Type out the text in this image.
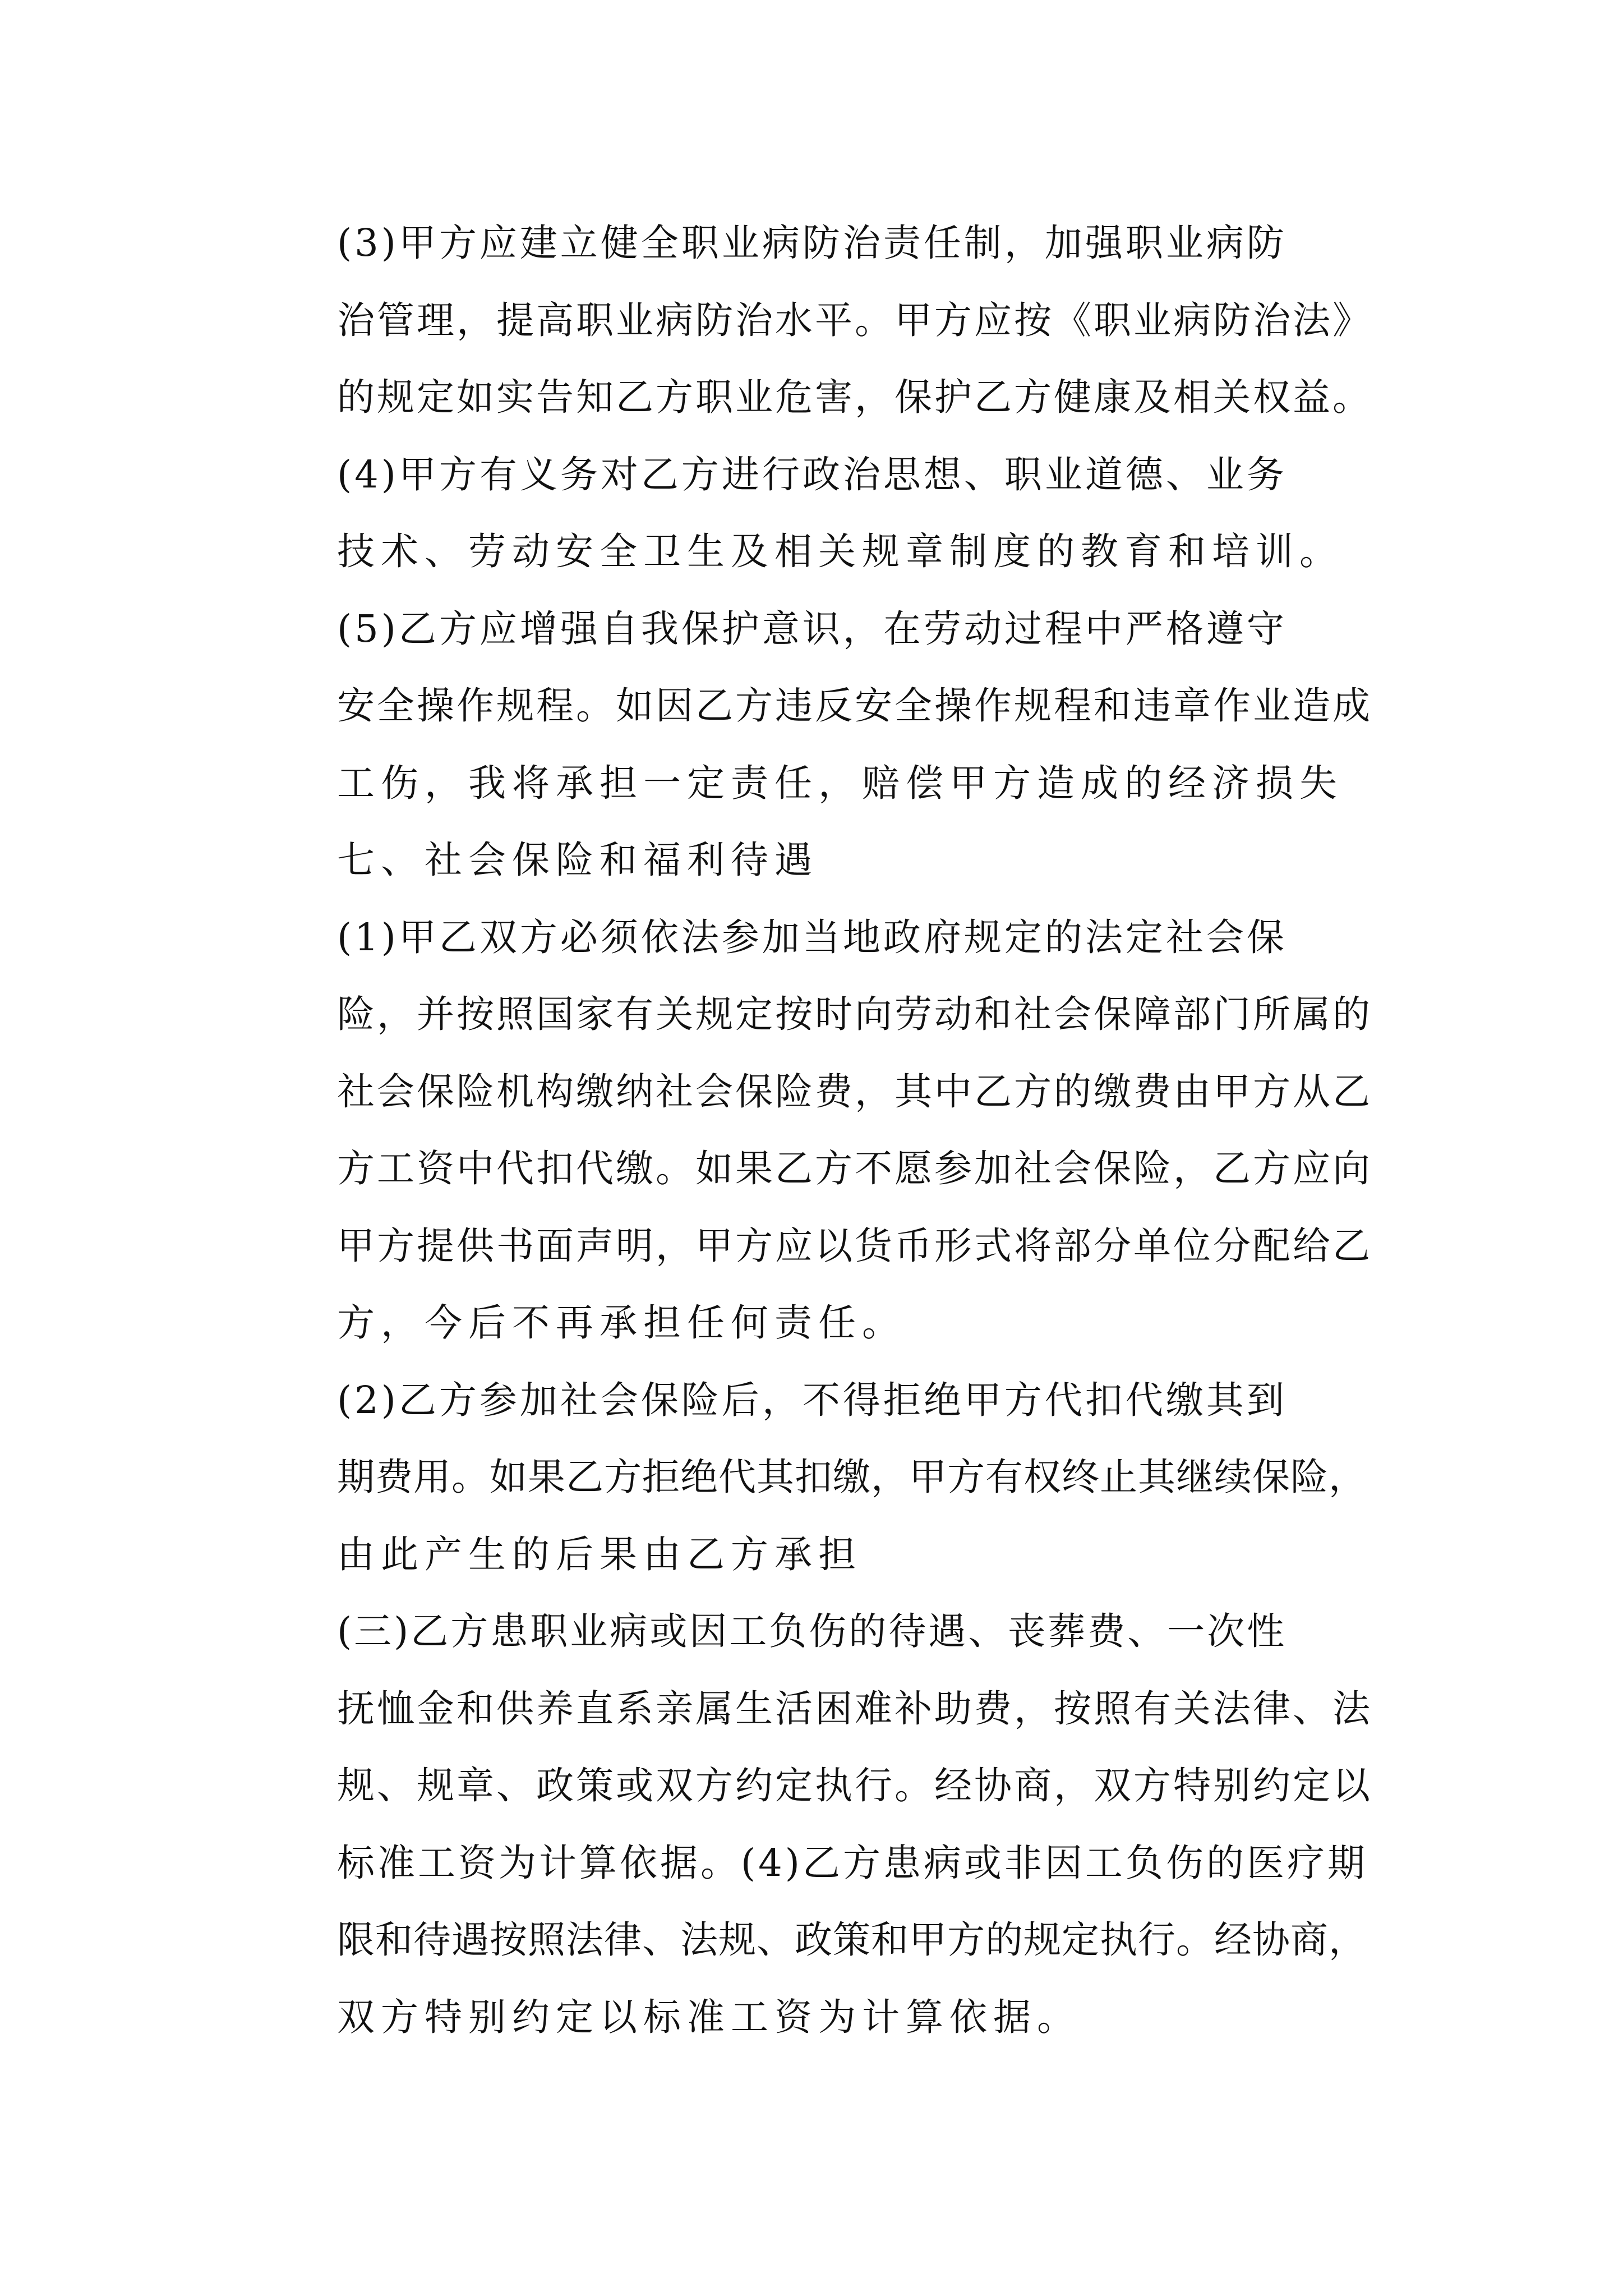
(3)甲方应建立健全职业病防治责任制，加强职业病防
治管理，提高职业病防治水平。甲方应按《职业病防治法》
的规定如实告知乙方职业危害，保护乙方健康及相关权益。

(4)甲方有义务对乙方进行政治思想、职业道德、业务
技术、劳动安全卫生及相关规章制度的教育和培训。

(5)乙方应增强自我保护意识，在劳动过程中严格遵守
安全操作规程。如因乙方违反安全操作规程和违章作业造成
工伤，我将承担一定责任，赔偿甲方造成的经济损失

七、社会保险和福利待遇

(1)甲乙双方必须依法参加当地政府规定的法定社会保
险，并按照国家有关规定按时向劳动和社会保障部门所属的
社会保险机构缴纳社会保险费，其中乙方的缴费由甲方从乙
方工资中代扣代缴。如果乙方不愿参加社会保险，乙方应向
甲方提供书面声明，甲方应以货币形式将部分单位分配给乙
方，今后不再承担任何责任。

(2)乙方参加社会保险后，不得拒绝甲方代扣代缴其到
期费用。如果乙方拒绝代其扣缴，甲方有权终止其继续保险，
由此产生的后果由乙方承担

(三)乙方患职业病或因工负伤的待遇、丧葬费、一次性
抚恤金和供养直系亲属生活困难补助费，按照有关法律、法
规、规章、政策或双方约定执行。经协商，双方特别约定以
标准工资为计算依据。(4)乙方患病或非因工负伤的医疗期
限和待遇按照法律、法规、政策和甲方的规定执行。经协商，
双方特别约定以标准工资为计算依据。
